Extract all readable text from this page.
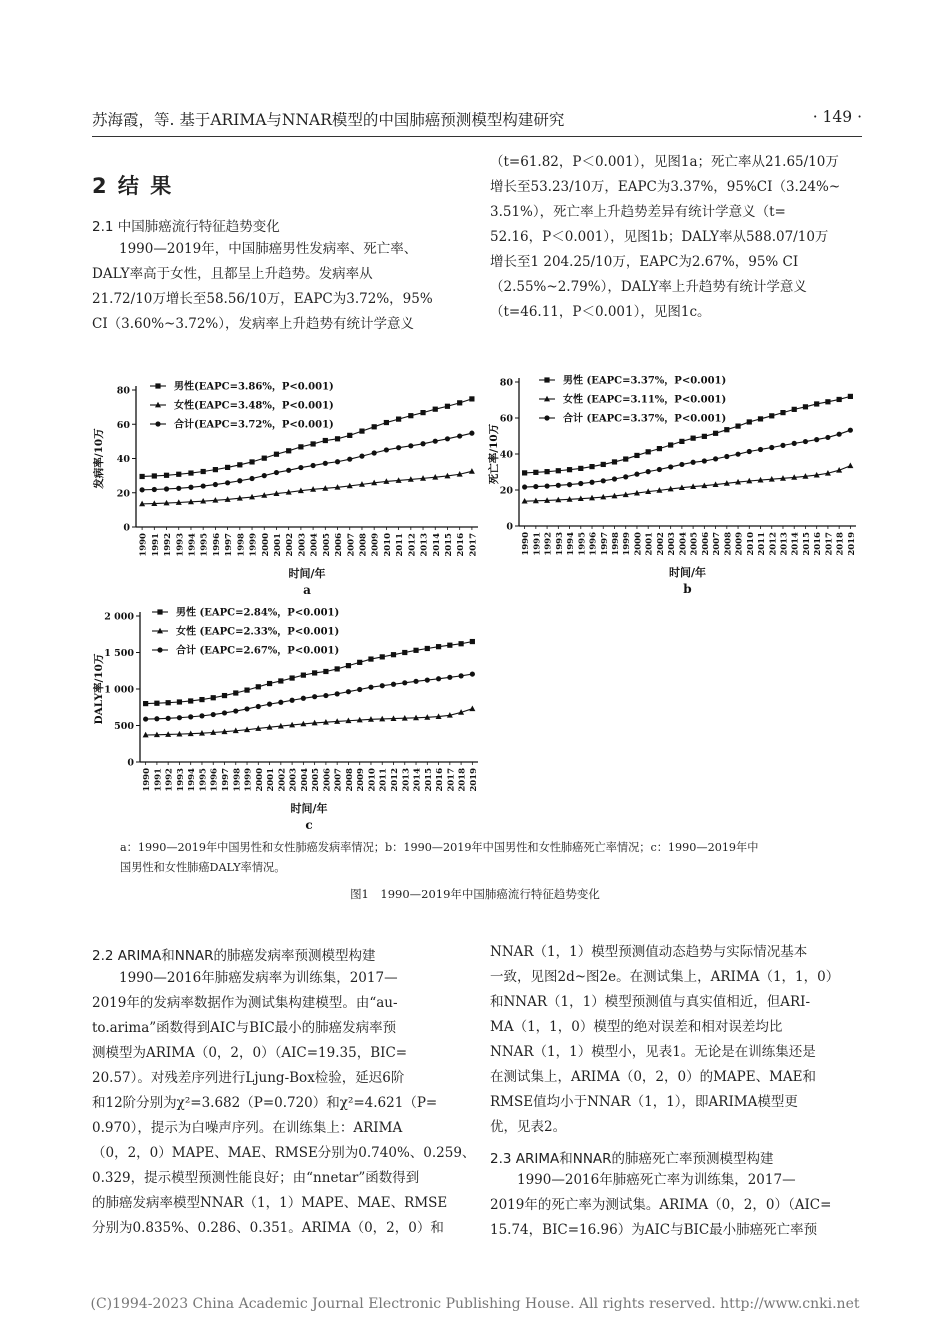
苏海霞，等. 基于ARIMA与NNAR模型的中国肺癌预测模型构建研究	· 149 ·
2 结 果
2.1 中国肺癌流行特征趋势变化
　　1990—2019年，中国肺癌男性发病率、死亡率、
DALY率高于女性，且都呈上升趋势。发病率从
21.72/10万增长至58.56/10万，EAPC为3.72%，95%
CI（3.60%~3.72%），发病率上升趋势有统计学意义
（t=61.82，P＜0.001），见图1a；死亡率从21.65/10万
增长至53.23/10万，EAPC为3.37%，95%CI（3.24%~
3.51%），死亡率上升趋势差异有统计学意义（t=
52.16，P＜0.001），见图1b；DALY率从588.07/10万
增长至1 204.25/10万，EAPC为2.67%，95% CI
（2.55%~2.79%），DALY率上升趋势有统计学意义
（t=46.11，P＜0.001），见图1c。
0
20
40
60
80
1990 1991 1992 1993 1994 1995 1996 1997 1998 1999 2000 2001 2002 2003 2004 2005 2006 2007 2008 2009 2010 2011 2012 2013 2014 2015 2016 2017
发病率/10万
时间/年
a
男性(EAPC=3.86%，P<0.001)
女性(EAPC=3.48%，P<0.001)
合计(EAPC=3.72%，P<0.001)
0
20
40
60
80
1990 1991 1992 1993 1994 1995 1996 1997 1998 1999 2000 2001 2002 2003 2004 2005 2006 2007 2008 2009 2010 2011 2012 2013 2014 2015 2016 2017 2018 2019
死亡率/10万
时间/年
b
男性 (EAPC=3.37%，P<0.001)
女性 (EAPC=3.11%，P<0.001)
合计 (EAPC=3.37%，P<0.001)
0
500
1 000
1 500
2 000
1990 1991 1992 1993 1994 1995 1996 1997 1998 1999 2000 2001 2002 2003 2004 2005 2006 2007 2008 2009 2010 2011 2012 2013 2014 2015 2016 2017 2018 2019
DALY率/10万
时间/年
c
男性 (EAPC=2.84%，P<0.001)
女性 (EAPC=2.33%，P<0.001)
合计 (EAPC=2.67%，P<0.001)
a：1990—2019年中国男性和女性肺癌发病率情况；b：1990—2019年中国男性和女性肺癌死亡率情况；c：1990—2019年中
国男性和女性肺癌DALY率情况。
图1　1990—2019年中国肺癌流行特征趋势变化
2.2 ARIMA和NNAR的肺癌发病率预测模型构建
　　1990—2016年肺癌发病率为训练集，2017—
2019年的发病率数据作为测试集构建模型。由“au-
to.arima”函数得到AIC与BIC最小的肺癌发病率预
测模型为ARIMA（0，2，0）（AIC=19.35，BIC=
20.57）。对残差序列进行Ljung-Box检验，延迟6阶
和12阶分别为χ²=3.682（P=0.720）和χ²=4.621（P=
0.970），提示为白噪声序列。在训练集上：ARIMA
（0，2，0）MAPE、MAE、RMSE分别为0.740%、0.259、
0.329，提示模型预测性能良好；由“nnetar”函数得到
的肺癌发病率模型NNAR（1，1）MAPE、MAE、RMSE
分别为0.835%、0.286、0.351。ARIMA（0，2，0）和
NNAR（1，1）模型预测值动态趋势与实际情况基本
一致，见图2d~图2e。在测试集上，ARIMA（1，1，0）
和NNAR（1，1）模型预测值与真实值相近，但ARI-
MA（1，1，0）模型的绝对误差和相对误差均比
NNAR（1，1）模型小，见表1。无论是在训练集还是
在测试集上，ARIMA（0，2，0）的MAPE、MAE和
RMSE值均小于NNAR（1，1），即ARIMA模型更
优，见表2。
2.3 ARIMA和NNAR的肺癌死亡率预测模型构建
　　1990—2016年肺癌死亡率为训练集，2017—
2019年的死亡率为测试集。ARIMA（0，2，0）（AIC=
15.74，BIC=16.96）为AIC与BIC最小肺癌死亡率预
(C)1994-2023 China Academic Journal Electronic Publishing House. All rights reserved. http://www.cnki.net
